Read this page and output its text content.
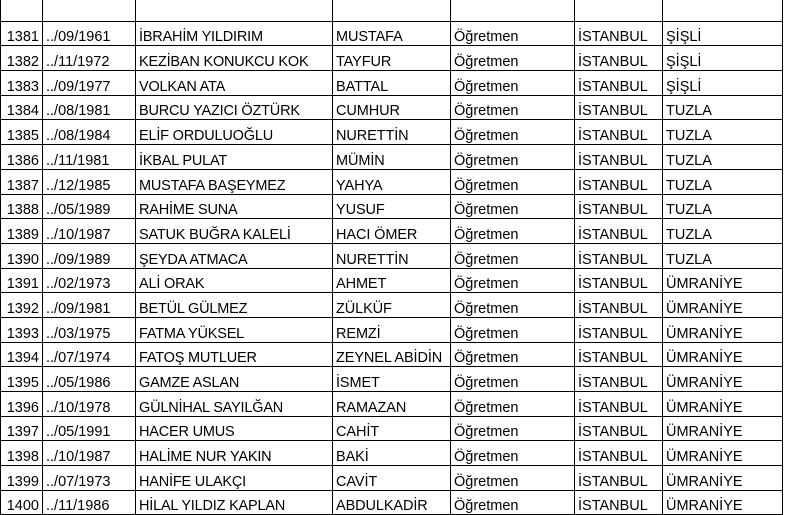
1381	../09/1961	İBRAHİM YILDIRIM	MUSTAFA	Öğretmen	İSTANBUL	ŞİŞLİ
1382	../11/1972	KEZİBAN KONUKCU KOK	TAYFUR	Öğretmen	İSTANBUL	ŞİŞLİ
1383	../09/1977	VOLKAN ATA	BATTAL	Öğretmen	İSTANBUL	ŞİŞLİ
1384	../08/1981	BURCU YAZICI ÖZTÜRK	CUMHUR	Öğretmen	İSTANBUL	TUZLA
1385	../08/1984	ELİF ORDULUOĞLU	NURETTİN	Öğretmen	İSTANBUL	TUZLA
1386	../11/1981	İKBAL PULAT	MÜMİN	Öğretmen	İSTANBUL	TUZLA
1387	../12/1985	MUSTAFA BAŞEYMEZ	YAHYA	Öğretmen	İSTANBUL	TUZLA
1388	../05/1989	RAHİME SUNA	YUSUF	Öğretmen	İSTANBUL	TUZLA
1389	../10/1987	SATUK BUĞRA KALELİ	HACI ÖMER	Öğretmen	İSTANBUL	TUZLA
1390	../09/1989	ŞEYDA ATMACA	NURETTİN	Öğretmen	İSTANBUL	TUZLA
1391	../02/1973	ALİ ORAK	AHMET	Öğretmen	İSTANBUL	ÜMRANİYE
1392	../09/1981	BETÜL GÜLMEZ	ZÜLKÜF	Öğretmen	İSTANBUL	ÜMRANİYE
1393	../03/1975	FATMA YÜKSEL	REMZİ	Öğretmen	İSTANBUL	ÜMRANİYE
1394	../07/1974	FATOŞ MUTLUER	ZEYNEL ABİDİN	Öğretmen	İSTANBUL	ÜMRANİYE
1395	../05/1986	GAMZE ASLAN	İSMET	Öğretmen	İSTANBUL	ÜMRANİYE
1396	../10/1978	GÜLNİHAL SAYILĞAN	RAMAZAN	Öğretmen	İSTANBUL	ÜMRANİYE
1397	../05/1991	HACER UMUS	CAHİT	Öğretmen	İSTANBUL	ÜMRANİYE
1398	../10/1987	HALİME NUR YAKIN	BAKİ	Öğretmen	İSTANBUL	ÜMRANİYE
1399	../07/1973	HANİFE ULAKÇI	CAVİT	Öğretmen	İSTANBUL	ÜMRANİYE
1400	../11/1986	HİLAL YILDIZ KAPLAN	ABDULKADİR	Öğretmen	İSTANBUL	ÜMRANİYE
